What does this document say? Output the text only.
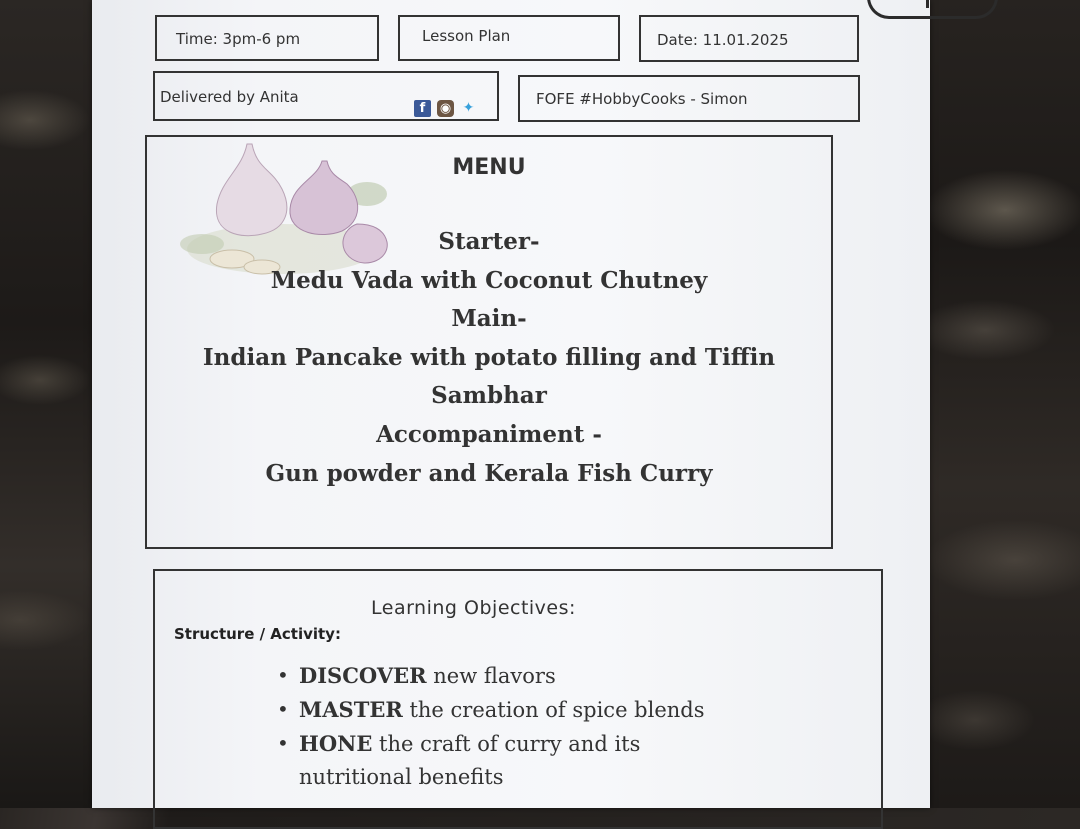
Time: 3pm-6 pm	Lesson Plan	Date: 11.01.2025
Delivered by Anita
f	◉ ✦	FOFE #HobbyCooks - Simon
MENU
Starter-
Medu Vada with Coconut Chutney
Main-
Indian Pancake with potato filling and Tiffin
Sambhar
Accompaniment -
Gun powder and Kerala Fish Curry
Learning Objectives:
Structure / Activity:
• DISCOVER new flavors
• MASTER the creation of spice blends
• HONE the craft of curry and its nutritional benefits
